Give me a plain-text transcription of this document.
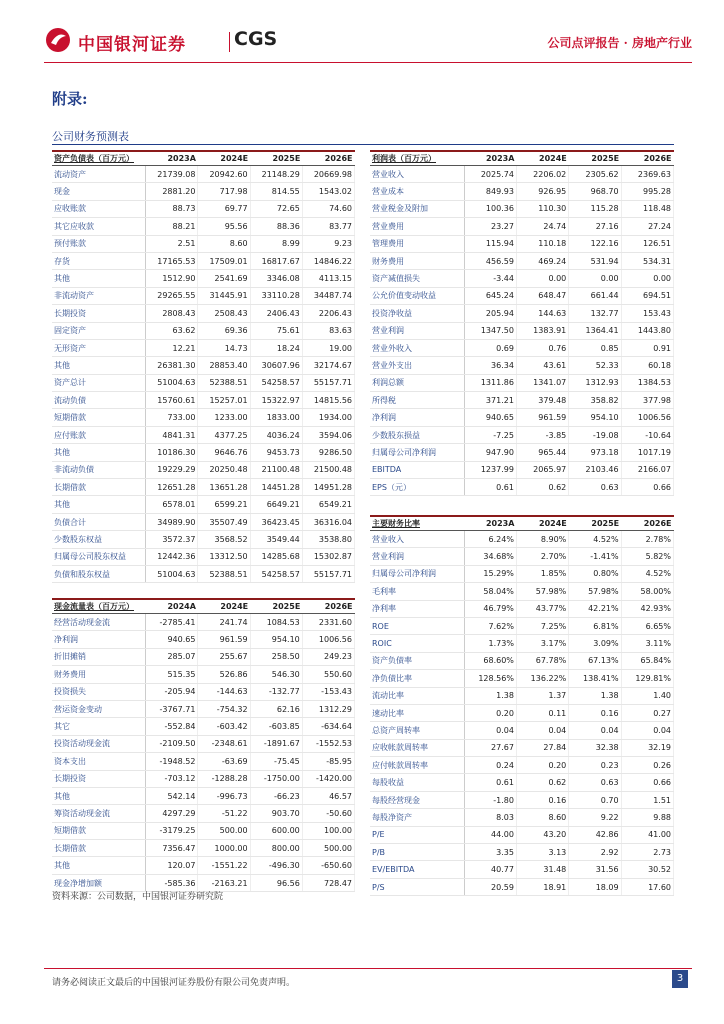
中国银河证券	CGS	公司点评报告 · 房地产行业
附录:
公司财务预测表
资产负债表（百万元）	2023A	2024E	2025E	2026E
流动资产	21739.08	20942.60	21148.29	20669.98
现金	2881.20	717.98	814.55	1543.02
应收账款	88.73	69.77	72.65	74.60
其它应收款	88.21	95.56	88.36	83.77
预付账款	2.51	8.60	8.99	9.23
存货	17165.53	17509.01	16817.67	14846.22
其他	1512.90	2541.69	3346.08	4113.15
非流动资产	29265.55	31445.91	33110.28	34487.74
长期投资	2808.43	2508.43	2406.43	2206.43
固定资产	63.62	69.36	75.61	83.63
无形资产	12.21	14.73	18.24	19.00
其他	26381.30	28853.40	30607.96	32174.67
资产总计	51004.63	52388.51	54258.57	55157.71
流动负债	15760.61	15257.01	15322.97	14815.56
短期借款	733.00	1233.00	1833.00	1934.00
应付账款	4841.31	4377.25	4036.24	3594.06
其他	10186.30	9646.76	9453.73	9286.50
非流动负债	19229.29	20250.48	21100.48	21500.48
长期借款	12651.28	13651.28	14451.28	14951.28
其他	6578.01	6599.21	6649.21	6549.21
负债合计	34989.90	35507.49	36423.45	36316.04
少数股东权益	3572.37	3568.52	3549.44	3538.80
归属母公司股东权益	12442.36	13312.50	14285.68	15302.87
负债和股东权益	51004.63	52388.51	54258.57	55157.71
利润表（百万元）	2023A	2024E	2025E	2026E
营业收入	2025.74	2206.02	2305.62	2369.63
营业成本	849.93	926.95	968.70	995.28
营业税金及附加	100.36	110.30	115.28	118.48
营业费用	23.27	24.74	27.16	27.24
管理费用	115.94	110.18	122.16	126.51
财务费用	456.59	469.24	531.94	534.31
资产减值损失	-3.44	0.00	0.00	0.00
公允价值变动收益	645.24	648.47	661.44	694.51
投资净收益	205.94	144.63	132.77	153.43
营业利润	1347.50	1383.91	1364.41	1443.80
营业外收入	0.69	0.76	0.85	0.91
营业外支出	36.34	43.61	52.33	60.18
利润总额	1311.86	1341.07	1312.93	1384.53
所得税	371.21	379.48	358.82	377.98
净利润	940.65	961.59	954.10	1006.56
少数股东损益	-7.25	-3.85	-19.08	-10.64
归属母公司净利润	947.90	965.44	973.18	1017.19
EBITDA	1237.99	2065.97	2103.46	2166.07
EPS（元）	0.61	0.62	0.63	0.66
主要财务比率	2023A	2024E	2025E	2026E
营业收入	6.24%	8.90%	4.52%	2.78%
营业利润	34.68%	2.70%	-1.41%	5.82%
归属母公司净利润	15.29%	1.85%	0.80%	4.52%
毛利率	58.04%	57.98%	57.98%	58.00%
净利率	46.79%	43.77%	42.21%	42.93%
ROE	7.62%	7.25%	6.81%	6.65%
ROIC	1.73%	3.17%	3.09%	3.11%
资产负债率	68.60%	67.78%	67.13%	65.84%
净负债比率	128.56%	136.22%	138.41%	129.81%
流动比率	1.38	1.37	1.38	1.40
速动比率	0.20	0.11	0.16	0.27
总资产周转率	0.04	0.04	0.04	0.04
应收帐款周转率	27.67	27.84	32.38	32.19
应付帐款周转率	0.24	0.20	0.23	0.26
每股收益	0.61	0.62	0.63	0.66
每股经营现金	-1.80	0.16	0.70	1.51
每股净资产	8.03	8.60	9.22	9.88
P/E	44.00	43.20	42.86	41.00
P/B	3.35	3.13	2.92	2.73
EV/EBITDA	40.77	31.48	31.56	30.52
P/S	20.59	18.91	18.09	17.60
现金流量表（百万元）	2024A	2024E	2025E	2026E
经营活动现金流	-2785.41	241.74	1084.53	2331.60
净利润	940.65	961.59	954.10	1006.56
折旧摊销	285.07	255.67	258.50	249.23
财务费用	515.35	526.86	546.30	550.60
投资损失	-205.94	-144.63	-132.77	-153.43
营运资金变动	-3767.71	-754.32	62.16	1312.29
其它	-552.84	-603.42	-603.85	-634.64
投资活动现金流	-2109.50	-2348.61	-1891.67	-1552.53
资本支出	-1948.52	-63.69	-75.45	-85.95
长期投资	-703.12	-1288.28	-1750.00	-1420.00
其他	542.14	-996.73	-66.23	46.57
筹资活动现金流	4297.29	-51.22	903.70	-50.60
短期借款	-3179.25	500.00	600.00	100.00
长期借款	7356.47	1000.00	800.00	500.00
其他	120.07	-1551.22	-496.30	-650.60
现金净增加额	-585.36	-2163.21	96.56	728.47
资料来源：公司数据，中国银河证券研究院
请务必阅读正文最后的中国银河证券股份有限公司免责声明。	3
